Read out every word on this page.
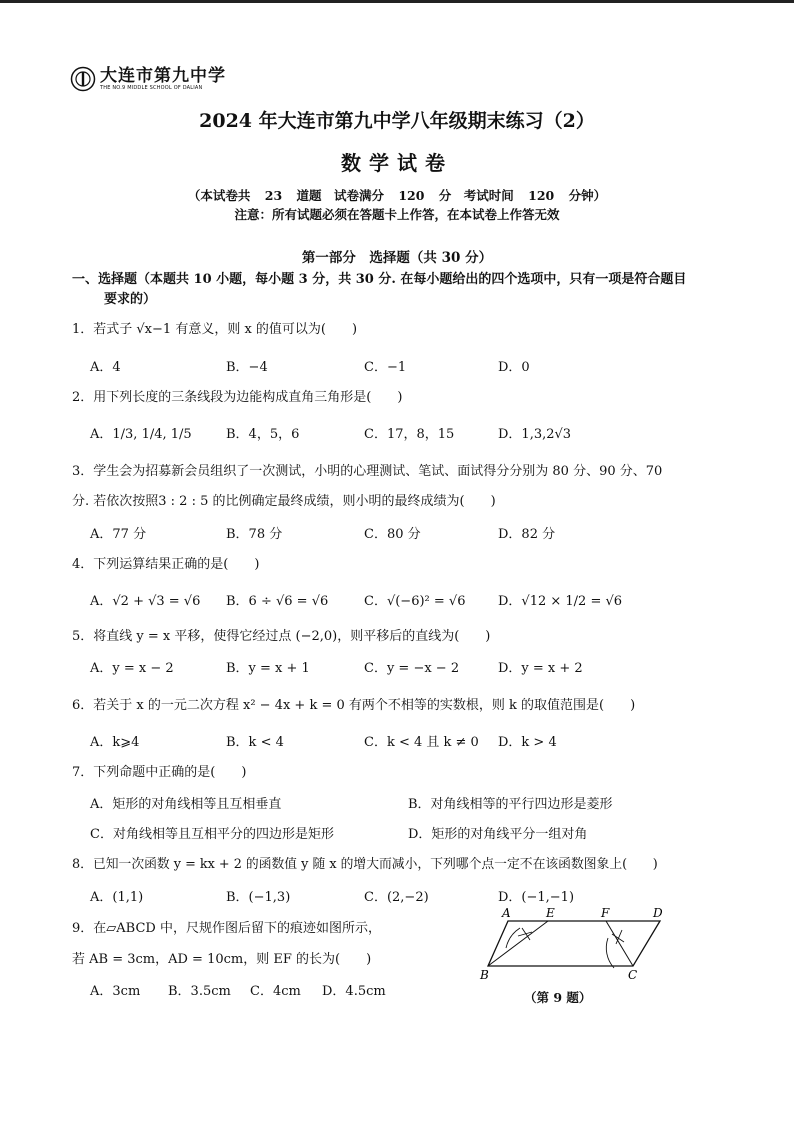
大连市第九中学
THE NO.9 MIDDLE SCHOOL OF DALIAN
2024 年大连市第九中学八年级期末练习（2）
数学试卷
（本试卷共 23 道题　试卷满分 120 分　考试时间 120 分钟）
注意：所有试题必须在答题卡上作答，在本试卷上作答无效
第一部分　选择题（共 30 分）
一、选择题（本题共 10 小题，每小题 3 分，共 30 分. 在每小题给出的四个选项中，只有一项是符合题目
要求的）
1．若式子 √x−1 有意义，则 x 的值可以为(　　)
A．4	B．−4	C．−1	D．0
2．用下列长度的三条线段为边能构成直角三角形是(　　)
A．1/3, 1/4, 1/5	B．4，5，6	C．17，8，15	D．1,3,2√3
3．学生会为招募新会员组织了一次测试，小明的心理测试、笔试、面试得分分别为 80 分、90 分、70
分. 若依次按照3 : 2 : 5 的比例确定最终成绩，则小明的最终成绩为(　　)
A．77 分	B．78 分	C．80 分	D．82 分
4．下列运算结果正确的是(　　)
A．√2 + √3 = √6 B．6 ÷ √6 = √6	C．√(−6)² = √6	D．√12 × 1/2 = √6
5．将直线 y = x 平移，使得它经过点 (−2,0)，则平移后的直线为(　　)
A．y = x − 2	B．y = x + 1	C．y = −x − 2	D．y = x + 2
6．若关于 x 的一元二次方程 x² − 4x + k = 0 有两个不相等的实数根，则 k 的取值范围是(　　)
A．k⩾4	B．k < 4	C．k < 4 且 k ≠ 0 D．k > 4
7．下列命题中正确的是(　　)
A．矩形的对角线相等且互相垂直	B．对角线相等的平行四边形是菱形
C．对角线相等且互相平分的四边形是矩形	D．矩形的对角线平分一组对角
8．已知一次函数 y = kx + 2 的函数值 y 随 x 的增大而减小，下列哪个点一定不在该函数图象上(　　)
A．(1,1)	B．(−1,3)	C．(2,−2)	D．(−1,−1)
9．在▱ABCD 中，尺规作图后留下的痕迹如图所示，
若 AB = 3cm，AD = 10cm，则 EF 的长为(　　)
A．3cm B．3.5cm C．4cm D．4.5cm
A	E	F	D
B	C
（第 9 题）
